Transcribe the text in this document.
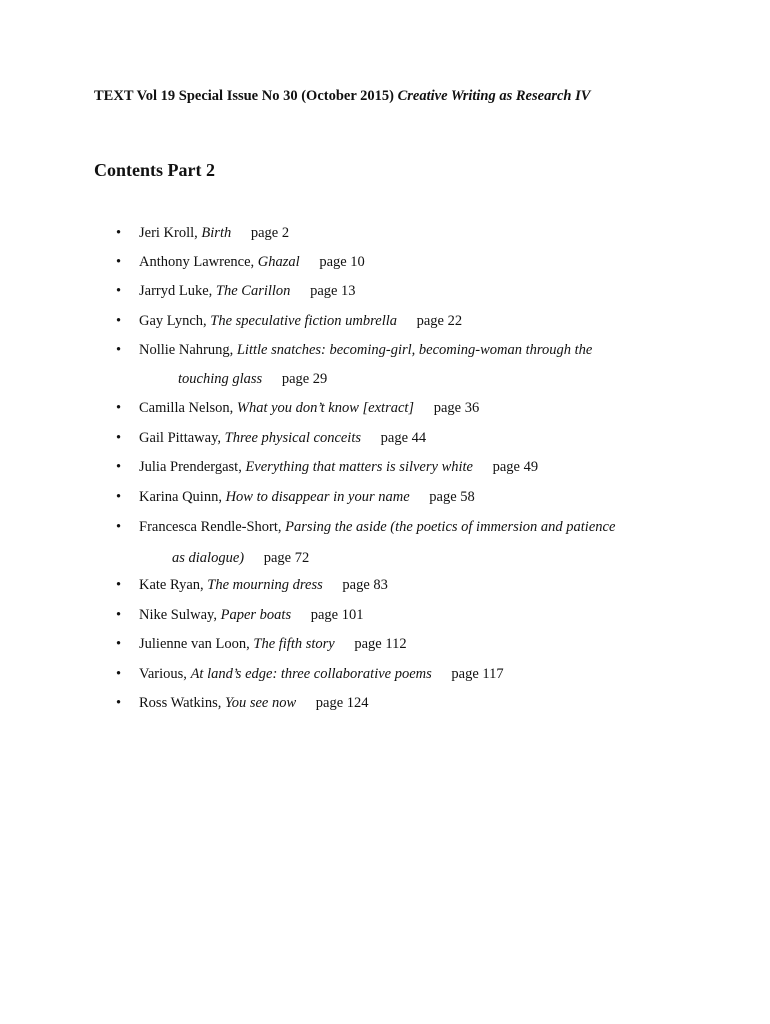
TEXT Vol 19 Special Issue No 30 (October 2015) Creative Writing as Research IV
Contents Part 2
• Jeri Kroll, Birth page 2
• Anthony Lawrence, Ghazal page 10
• Jarryd Luke, The Carillon page 13
• Gay Lynch, The speculative fiction umbrella page 22
• Nollie Nahrung, Little snatches: becoming-girl, becoming-woman through the
touching glass page 29
• Camilla Nelson, What you don’t know [extract] page 36
• Gail Pittaway, Three physical conceits page 44
• Julia Prendergast, Everything that matters is silvery white page 49
• Karina Quinn, How to disappear in your name page 58
• Francesca Rendle-Short, Parsing the aside (the poetics of immersion and patience
as dialogue) page 72
• Kate Ryan, The mourning dress page 83
• Nike Sulway, Paper boats page 101
• Julienne van Loon, The fifth story page 112
• Various, At land’s edge: three collaborative poems page 117
• Ross Watkins, You see now page 124
